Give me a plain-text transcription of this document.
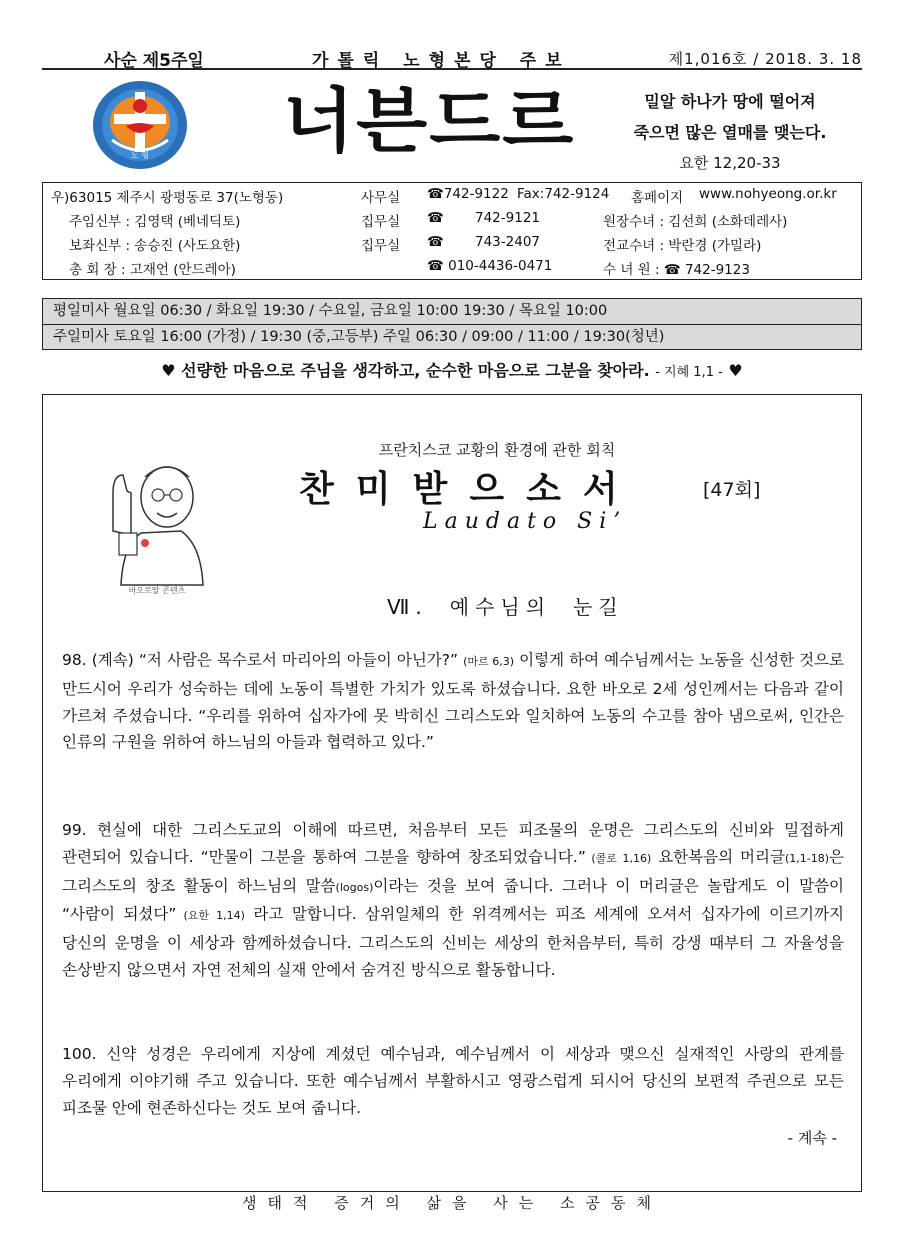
사순 제5주일	가톨릭 노형본당 주보	제1,016호 / 2018. 3. 18
노 형 너븐드르	밀알 하나가 땅에 떨어져
죽으면 많은 열매를 맺는다.
요한 12,20-33
우)63015 제주시 광평동로 37(노형동)	사무실 ☎742-9122 Fax:742-9124 홈페이지 www.nohyeong.or.kr
주임신부 : 김영택 (베네딕토)	집무실 ☎ 742-9121	원장수녀 : 김선희 (소화데레사)
보좌신부 : 송승진 (사도요한)	집무실 ☎ 743-2407	전교수녀 : 박란경 (가밀라)
총 회 장 : 고재언 (안드레아)	☎ 010-4436-0471	수 녀 원 : ☎ 742-9123
평일미사 월요일 06:30 / 화요일 19:30 / 수요일, 금요일 10:00 19:30 / 목요일 10:00
주일미사 토요일 16:00 (가정) / 19:30 (중,고등부) 주일 06:30 / 09:00 / 11:00 / 19:30(청년)
♥ 선량한 마음으로 주님을 생각하고, 순수한 마음으로 그분을 찾아라. - 지혜 1,1 - ♥
바오로딸 콘텐츠
프란치스코 교황의 환경에 관한 회칙
찬미받으소서	[47회]
Laudato Si’
Ⅶ. 예수님의 눈길
98. (계속) “저 사람은 목수로서 마리아의 아들이 아닌가?” (마르 6,3) 이렇게 하여 예수님께서는 노동을 신성한 것으로 만드시어 우리가 성숙하는 데에 노동이 특별한 가치가 있도록 하셨습니다. 요한 바오로 2세 성인께서는 다음과 같이 가르쳐 주셨습니다. “우리를 위하여 십자가에 못 박히신 그리스도와 일치하여 노동의 수고를 참아 냄으로써, 인간은 인류의 구원을 위하여 하느님의 아들과 협력하고 있다.”
99. 현실에 대한 그리스도교의 이해에 따르면, 처음부터 모든 피조물의 운명은 그리스도의 신비와 밀접하게 관련되어 있습니다. “만물이 그분을 통하여 그분을 향하여 창조되었습니다.” (콜로 1,16) 요한복음의 머리글(1,1-18)은 그리스도의 창조 활동이 하느님의 말씀(logos)이라는 것을 보여 줍니다. 그러나 이 머리글은 놀랍게도 이 말씀이 “사람이 되셨다” (요한 1,14) 라고 말합니다. 삼위일체의 한 위격께서는 피조 세계에 오셔서 십자가에 이르기까지 당신의 운명을 이 세상과 함께하셨습니다. 그리스도의 신비는 세상의 한처음부터, 특히 강생 때부터 그 자율성을 손상받지 않으면서 자연 전체의 실재 안에서 숨겨진 방식으로 활동합니다.
100. 신약 성경은 우리에게 지상에 계셨던 예수님과, 예수님께서 이 세상과 맺으신 실재적인 사랑의 관계를 우리에게 이야기해 주고 있습니다. 또한 예수님께서 부활하시고 영광스럽게 되시어 당신의 보편적 주권으로 모든 피조물 안에 현존하신다는 것도 보여 줍니다.
- 계속 -
생태적 증거의 삶을 사는 소공동체
